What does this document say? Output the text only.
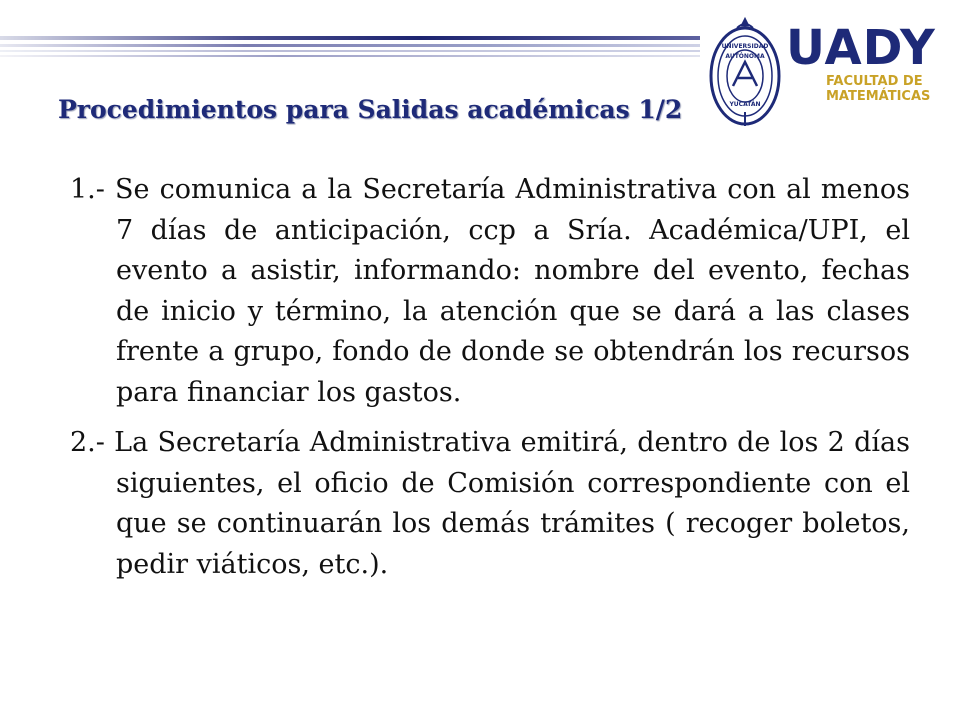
UNIVERSIDAD
AUTÓNOMA
YUCATÁN
UADY
FACULTAD DE
MATEMÁTICAS
Procedimientos para Salidas académicas 1/2

1.- Se comunica a la Secretaría Administrativa con al menos 7 días de anticipación, ccp a Sría. Académica/UPI, el evento a asistir, informando: nombre del evento, fechas de inicio y término, la atención que se dará a las clases frente a grupo, fondo de donde se obtendrán los recursos para financiar los gastos.

2.- La Secretaría Administrativa emitirá, dentro de los 2 días siguientes, el oficio de Comisión correspondiente con el que se continuarán los demás trámites ( recoger boletos, pedir viáticos, etc.).
